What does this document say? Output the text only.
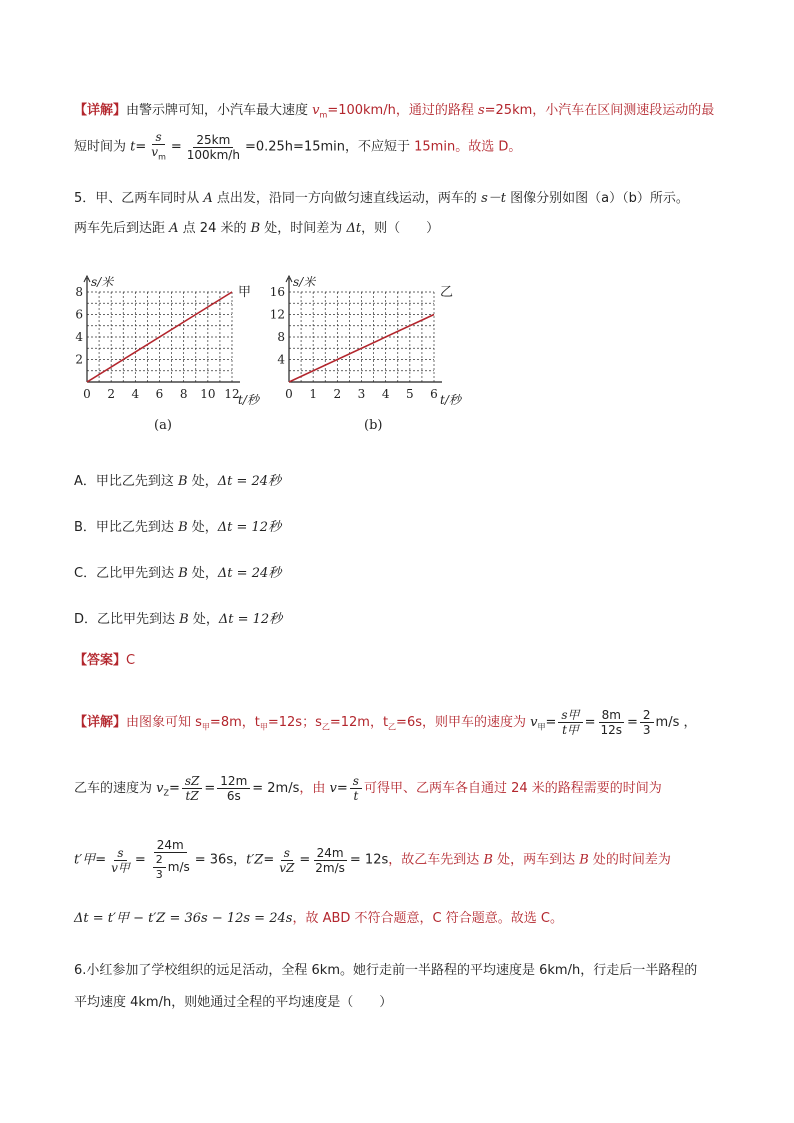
【详解】由警示牌可知，小汽车最大速度 $v_m=100km/h$，通过的路程 s=25km，小汽车在区间测速段运动的最
短时间为 $t= \frac{s}{v_m} = \frac{25km}{100km/h} =0.25h=15\min$，不应短于 15min。故选 D。
5．甲、乙两车同时从 A 点出发，沿同一方向做匀速直线运动，两车的 s－t 图像分别如图（a）（b）所示。
两车先后到达距 A 点 24 米的 B 处，时间差为 Δt，则（　　）
0 2 4 6 8 10 12
2
4
6
8
s/米
t/秒
甲
(a)
0 1 2 3 4 5 6
4
8
12
16
s/米
t/秒
乙
(b)
A．甲比乙先到这 B 处，Δt = 24秒
B．甲比乙先到达 B 处，Δt = 12秒
C．乙比甲先到达 B 处，Δt = 24秒
D．乙比甲先到达 B 处，Δt = 12秒
【答案】C
【详解】由图象可知 $s_甲=8m$，$t_甲=12s$；$s_乙=12m$，$t_乙=6s$，则甲车的速度为 $v_甲= \frac{\text{s甲}}{\text{t甲}} = \frac{8m}{12s} = \frac{2}{3} m/s$ ，
乙车的速度为 $v_Z= \frac{sZ}{tZ} = \frac{12m}{6s} = 2m/s$，由 $v= \frac{s}{t}$ 可得甲、乙两车各自通过 24 米的路程需要的时间为
t′甲= $\frac{s}{\text{v甲}} = \frac{24m}{\frac{2}{3} m/s} = 36s$，$t'Z= \frac{s}{vZ} = \frac{24m}{2m/s} = 12s$，故乙车先到达 B 处，两车到达 B 处的时间差为
Δt = t′甲 − t′Z = 36s − 12s = 24s，故 ABD 不符合题意，C 符合题意。故选 C。
6.小红参加了学校组织的远足活动，全程 6km。她行走前一半路程的平均速度是 6km/h，行走后一半路程的
平均速度 4km/h，则她通过全程的平均速度是（　　）
